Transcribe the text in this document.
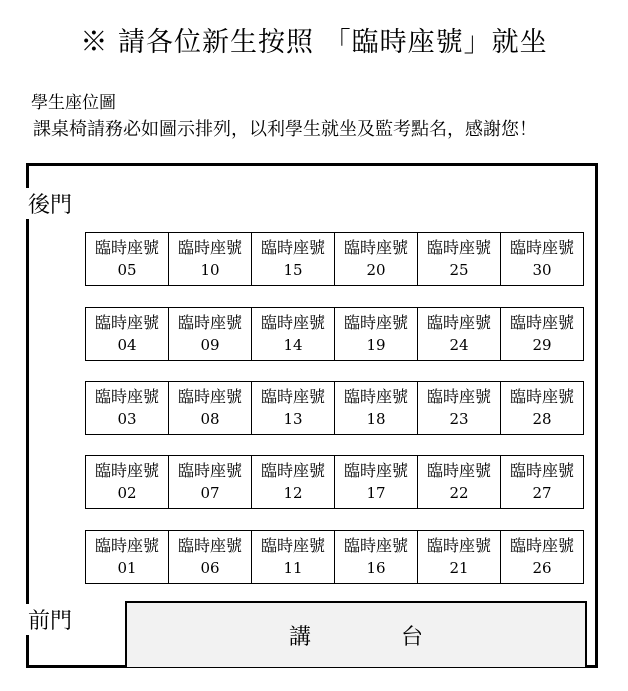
※ 請各位新生按照 「臨時座號」就坐
學生座位圖
課桌椅請務必如圖示排列，以利學生就坐及監考點名，感謝您！
後門
前門
臨時座號
05
臨時座號
10
臨時座號
15
臨時座號
20
臨時座號
25
臨時座號
30
臨時座號
04
臨時座號
09
臨時座號
14
臨時座號
19
臨時座號
24
臨時座號
29
臨時座號
03
臨時座號
08
臨時座號
13
臨時座號
18
臨時座號
23
臨時座號
28
臨時座號
02
臨時座號
07
臨時座號
12
臨時座號
17
臨時座號
22
臨時座號
27
臨時座號
01
臨時座號
06
臨時座號
11
臨時座號
16
臨時座號
21
臨時座號
26
講	台
